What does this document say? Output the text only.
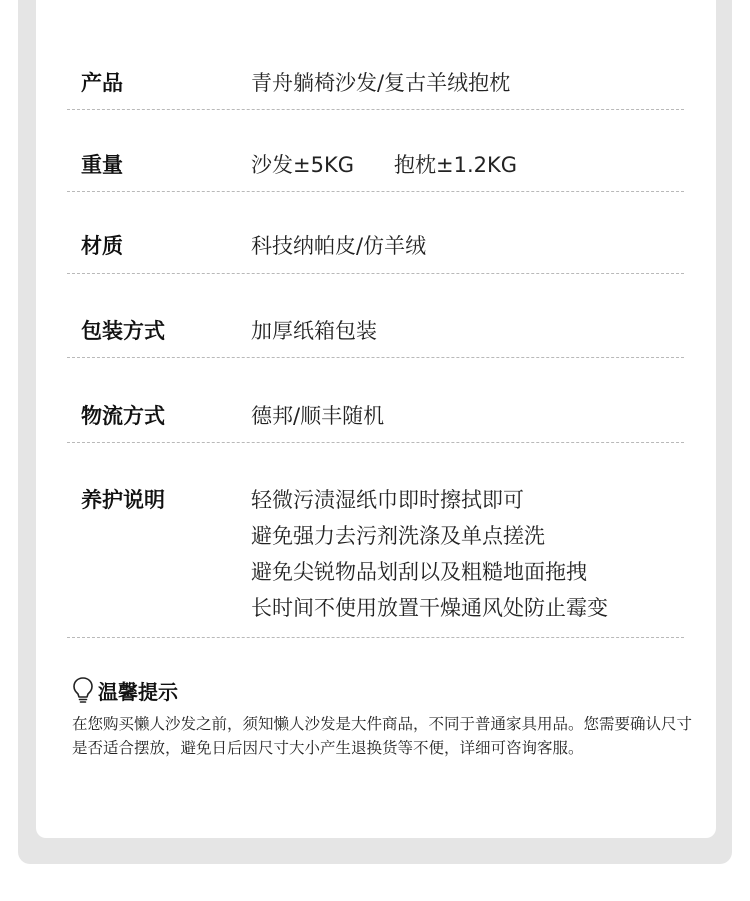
产品	青舟躺椅沙发/复古羊绒抱枕
重量	沙发±5KG 抱枕±1.2KG
材质	科技纳帕皮/仿羊绒
包装方式	加厚纸箱包装
物流方式	德邦/顺丰随机
养护说明	轻微污渍湿纸巾即时擦拭即可
避免强力去污剂洗涤及单点搓洗
避免尖锐物品划刮以及粗糙地面拖拽
长时间不使用放置干燥通风处防止霉变
温馨提示
在您购买懒人沙发之前，须知懒人沙发是大件商品，不同于普通家具用品。您需要确认尺寸是否适合摆放，避免日后因尺寸大小产生退换货等不便，详细可咨询客服。
